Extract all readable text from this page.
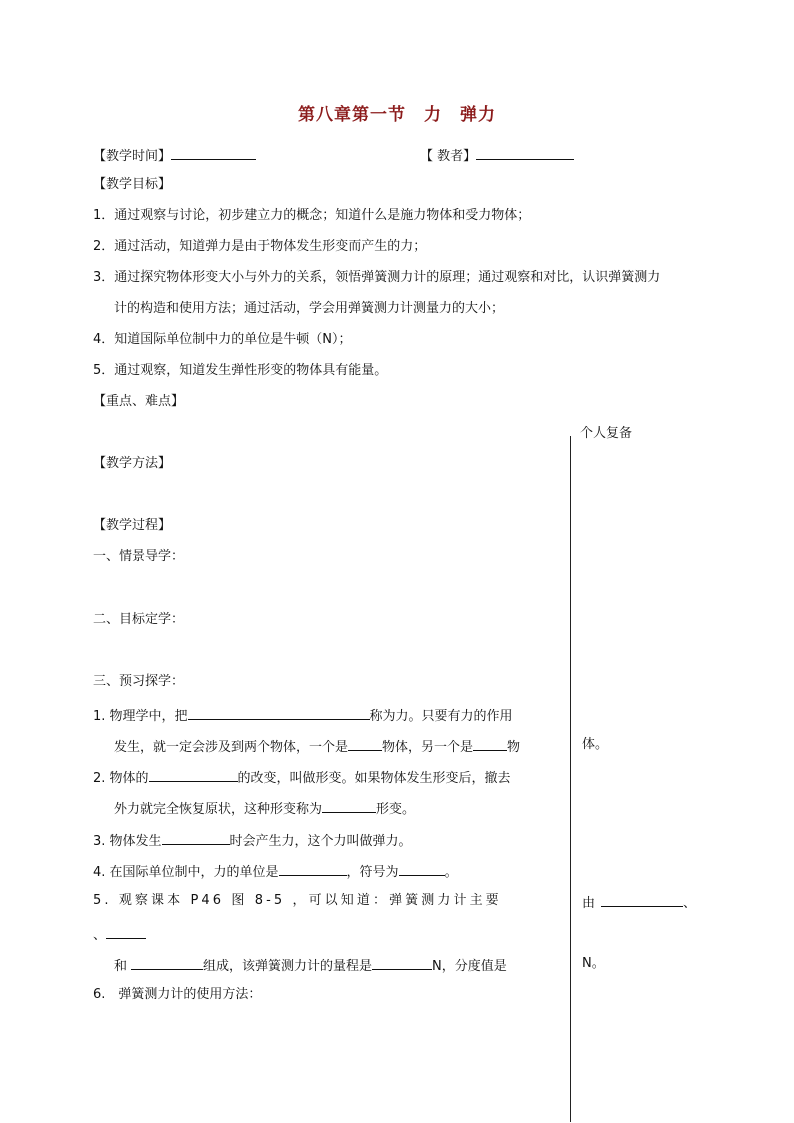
第八章第一节　力　弹力
【教学时间】	【 教者】
【教学目标】
1．通过观察与讨论，初步建立力的概念；知道什么是施力物体和受力物体；
2．通过活动，知道弹力是由于物体发生形变而产生的力；
3．通过探究物体形变大小与外力的关系，领悟弹簧测力计的原理；通过观察和对比，认识弹簧测力
计的构造和使用方法；通过活动，学会用弹簧测力计测量力的大小；
4．知道国际单位制中力的单位是牛顿（N）；
5．通过观察，知道发生弹性形变的物体具有能量。
【重点、难点】
个人复备
【教学方法】
【教学过程】
一、情景导学：
二、目标定学：
三、预习探学：
1. 物理学中，把	称为力。只要有力的作用
发生，就一定会涉及到两个物体，一个是	物体，另一个是	物	体。
2. 物体的	的改变，叫做形变。如果物体发生形变后，撤去
外力就完全恢复原状，这种形变称为	形变。
3. 物体发生	时会产生力，这个力叫做弹力。
4. 在国际单位制中，力的单位是	，符号为	。
5. 观察课本 P46 图 8-5 ，可以知道：弹簧测力计主要	由	、
、
和	组成，该弹簧测力计的量程是	N，分度值是	N。
6.　弹簧测力计的使用方法：
